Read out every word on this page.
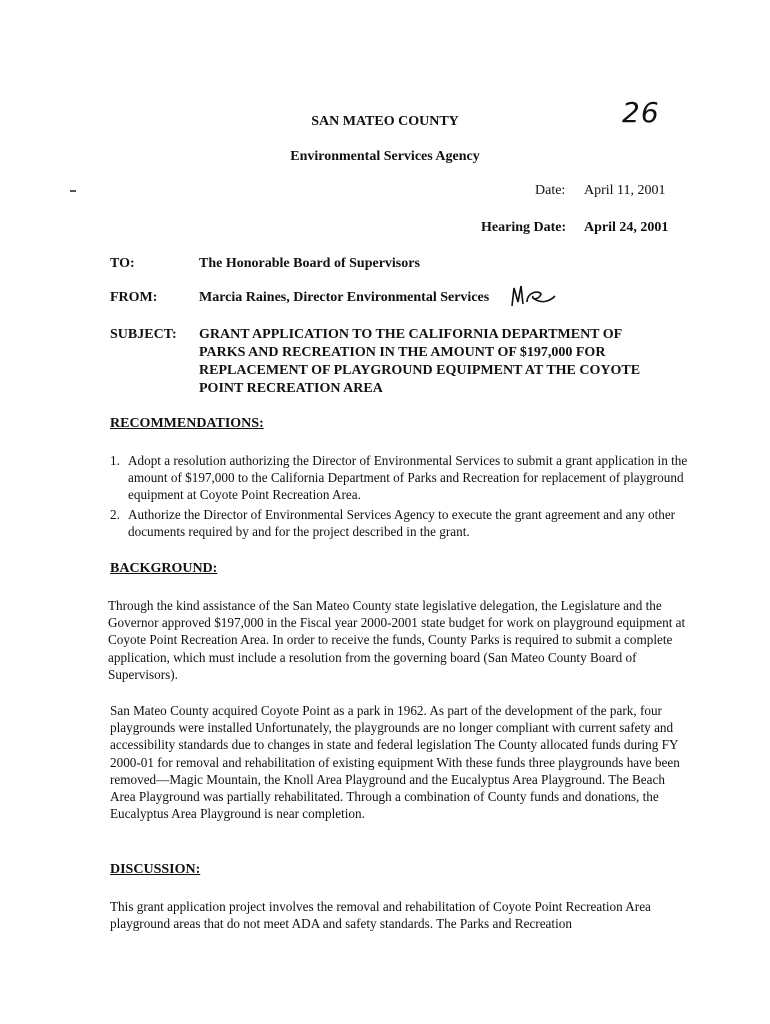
26
SAN MATEO COUNTY
Environmental Services Agency
Date: April 11, 2001
Hearing Date: April 24, 2001
TO:	The Honorable Board of Supervisors
FROM:	Marcia Raines, Director Environmental Services
SUBJECT: GRANT APPLICATION TO THE CALIFORNIA DEPARTMENT OF
PARKS AND RECREATION IN THE AMOUNT OF $197,000 FOR
REPLACEMENT OF PLAYGROUND EQUIPMENT AT THE COYOTE
POINT RECREATION AREA
RECOMMENDATIONS:
1. Adopt a resolution authorizing the Director of Environmental Services to submit a grant application in the amount of $197,000 to the California Department of Parks and Recreation for replacement of playground equipment at Coyote Point Recreation Area.
2. Authorize the Director of Environmental Services Agency to execute the grant agreement and any other documents required by and for the project described in the grant.
BACKGROUND:
Through the kind assistance of the San Mateo County state legislative delegation, the Legislature and the Governor approved $197,000 in the Fiscal year 2000-2001 state budget for work on playground equipment at Coyote Point Recreation Area. In order to receive the funds, County Parks is required to submit a complete application, which must include a resolution from the governing board (San Mateo County Board of Supervisors).
San Mateo County acquired Coyote Point as a park in 1962. As part of the development of the park, four playgrounds were installed Unfortunately, the playgrounds are no longer compliant with current safety and accessibility standards due to changes in state and federal legislation The County allocated funds during FY 2000-01 for removal and rehabilitation of existing equipment With these funds three playgrounds have been removed—Magic Mountain, the Knoll Area Playground and the Eucalyptus Area Playground. The Beach Area Playground was partially rehabilitated. Through a combination of County funds and donations, the Eucalyptus Area Playground is near completion.
DISCUSSION:
This grant application project involves the removal and rehabilitation of Coyote Point Recreation Area playground areas that do not meet ADA and safety standards. The Parks and Recreation
